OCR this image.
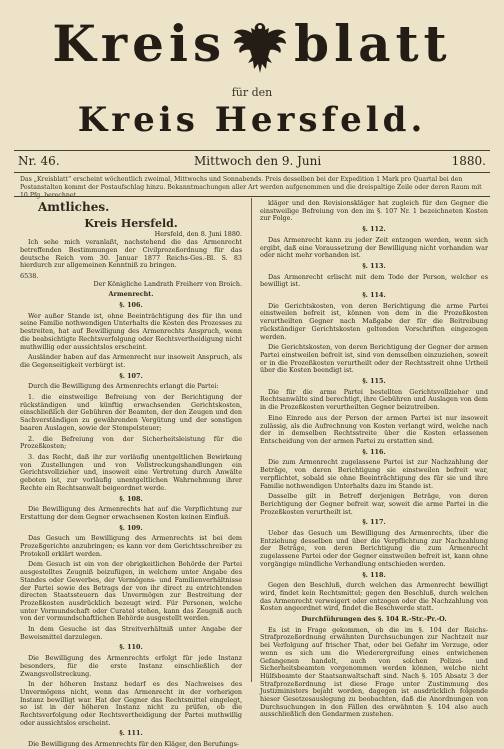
Kreis blatt
für den
Kreis Hersfeld.
Nr. 46.	Mittwoch den 9. Juni	1880.
Das „Kreisblatt“ erscheint wöchentlich zweimal, Mittwochs und Sonnabends. Preis desselben bei der Expedition 1 Mark pro Quartal bei den Postanstalten kommt der Postaufschlag hinzu. Bekanntmachungen aller Art werden aufgenommen und die dreispaltige Zeile oder deren Raum mit 10 Pfg. berechnet.
Amtliches.
Kreis Hersfeld.
Hersfeld, den 8. Juni 1880.

Ich sehe mich veranlaßt, nachstehend die das Armenrecht betreffenden Bestimmungen der Civilprozeßordnung für das deutsche Reich vom 30. Januar 1877 Reichs-Ges.-Bl. S. 83 hierdurch zur allgemeinen Kenntniß zu bringen.

6538.
Der Königliche Landrath Freiherr von Broich.
Armenrecht.
§. 106.

Wer außer Stande ist, ohne Beeinträchtigung des für ihn und seine Familie nothwendigen Unterhalts die Kosten des Prozesses zu bestreiten, hat auf Bewilligung des Armenrechts Anspruch, wenn die beabsichtigte Rechtsverfolgung oder Rechtsvertheidigung nicht muthwillig oder aussichtslos erscheint.

Ausländer haben auf das Armenrecht nur insoweit Anspruch, als die Gegenseitigkeit verbürgt ist.

§. 107.

Durch die Bewilligung des Armenrechts erlangt die Partei:

1. die einstweilige Befreiung von der Berichtigung der rückständigen und künftig erwachsenden Gerichtskosten, einschließlich der Gebühren der Beamten, der den Zeugen und den Sachverständigen zu gewährenden Vergütung und der sonstigen baaren Auslagen, sowie der Stempelsteuer;

2. die Befreiung von der Sicherheitsleistung für die Prozeßkosten;

3. das Recht, daß ihr zur vorläufig unentgeltlichen Bewirkung von Zustellungen und von Vollstreckungshandlungen ein Gerichtsvollzieher und, insoweit eine Vertretung durch Anwälte geboten ist, zur vorläufig unentgeltlichen Wahrnehmung ihrer Rechte ein Rechtsanwalt beigeordnet werde.

§. 108.

Die Bewilligung des Armenrechts hat auf die Verpflichtung zur Erstattung der dem Gegner erwachsenen Kosten keinen Einfluß.

§. 109.

Das Gesuch um Bewilligung des Armenrechts ist bei dem Prozeßgerichte anzubringen; es kann vor dem Gerichtsschreiber zu Protokoll erklärt werden.

Dem Gesuch ist ein von der obrigkeitlichen Behörde der Partei ausgestelltes Zeugniß beizufügen, in welchem unter Angabe des Standes oder Gewerbes, der Vermögens- und Familienverhältnisse der Partei sowie des Betrags der von ihr direct zu entrichtenden directen Staatssteuern das Unvermögen zur Bestreitung der Prozeßkosten ausdrücklich bezeugt wird. Für Personen, welche unter Vormundschaft oder Curatel stehen, kann das Zeugniß auch von der vormundschaftlichen Behörde ausgestellt werden.

In dem Gesuche ist das Streitverhältniß unter Angabe der Beweismittel darzulegen.

§. 110.

Die Bewilligung des Armenrechts erfolgt für jede Instanz besonders, für die erste Instanz einschließlich der Zwangsvollstreckung.

In der höheren Instanz bedarf es des Nachweises des Unvermögens nicht, wenn das Armenrecht in der vorherigen Instanz bewilligt war. Hat der Gegner das Rechtsmittel eingelegt, so ist in der höheren Instanz nicht zu prüfen, ob die Rechtsverfolgung oder Rechtsvertheidigung der Partei muthwillig oder aussichtslos erscheint.

§. 111.

Die Bewilligung des Armenrechts für den Kläger, den Berufungs-

kläger und den Revisionskläger hat zugleich für den Gegner die einstweilige Befreiung von den im §. 107 Nr. 1 bezeichneten Kosten zur Folge.

§. 112.

Das Armenrecht kann zu jeder Zeit entzogen werden, wenn sich ergibt, daß eine Voraussetzung der Bewilligung nicht vorhanden war oder nicht mehr vorhanden ist.

§. 113.

Das Armenrecht erlischt mit dem Tode der Person, welcher es bewilligt ist.

§. 114.

Die Gerichtskosten, von deren Berichtigung die arme Partei einstweilen befreit ist, können von dem in die Prozeßkosten verurtheilten Gegner nach Maßgabe der für die Beitreibung rückständiger Gerichtskosten geltenden Vorschriften eingezogen werden.

Die Gerichtskosten, von deren Berichtigung der Gegner der armen Partei einstweilen befreit ist, sind von demselben einzuziehen, soweit er in die Prozeßkosten verurtheilt oder der Rechtsstreit ohne Urtheil über die Kosten beendigt ist.

§. 115.

Die für die arme Partei bestellten Gerichtsvollzieher und Rechtsanwälte sind berechtigt, ihre Gebühren und Auslagen von dem in die Prozeßkosten verurtheilten Gegner beizutreiben.

Eine Einrede aus der Person der armen Partei ist nur insoweit zulässig, als die Aufrechnung von Kosten verlangt wird, welche nach der in demselben Rechtsstreite über die Kosten erlassenen Entscheidung von der armen Partei zu erstatten sind.

§. 116.

Die zum Armenrecht zugelassene Partei ist zur Nachzahlung der Beträge, von deren Berichtigung sie einstweilen befreit war, verpflichtet, sobald sie ohne Beeinträchtigung des für sie und ihre Familie nothwendigen Unterhalts dazu im Stande ist.

Dasselbe gilt in Betreff derjenigen Beträge, von deren Berichtigung der Gegner befreit war, soweit die arme Partei in die Prozeßkosten verurtheilt ist.

§. 117.

Ueber das Gesuch um Bewilligung des Armenrechts, über die Entziehung desselben und über die Verpflichtung zur Nachzahlung der Beträge, von deren Berichtigung die zum Armenrecht zugelassene Partei oder der Gegner einstweilen befreit ist, kann ohne vorgängige mündliche Verhandlung entschieden werden.

§. 118.

Gegen den Beschluß, durch welchen das Armenrecht bewilligt wird, findet kein Rechtsmittel; gegen den Beschluß, durch welchen das Armenrecht verweigert oder entzogen oder die Nachzahlung von Kosten angeordnet wird, findet die Beschwerde statt.

Durchführungen des §. 104 R.-Str.-Pr.-O.

Es ist in Frage gekommen, ob die im §. 104 der Reichs-Strafprozeßordnung erwähnten Durchsuchungen zur Nachtzeit nur bei Verfolgung auf frischer That, oder bei Gefahr im Verzuge, oder wenn es sich um die Wiederergreifung eines entwichenen Gefangenen handelt, auch von solchen Polizei- und Sicherheitsbeamten vorgenommen werden können, welche nicht Hülfsbeamte der Staatsanwaltschaft sind. Nach §. 105 Absatz 3 der Strafprozeßordnung ist diese Frage unter Zustimmung des Justizministers bejaht worden, dagegen ist ausdrücklich folgende hieser Gesetzesauslegung zu beobachten, daß die Anordnungen von Durchsuchungen in den Fällen des erwähnten §. 104 also auch ausschließlich den Gendarmen zustehen.
